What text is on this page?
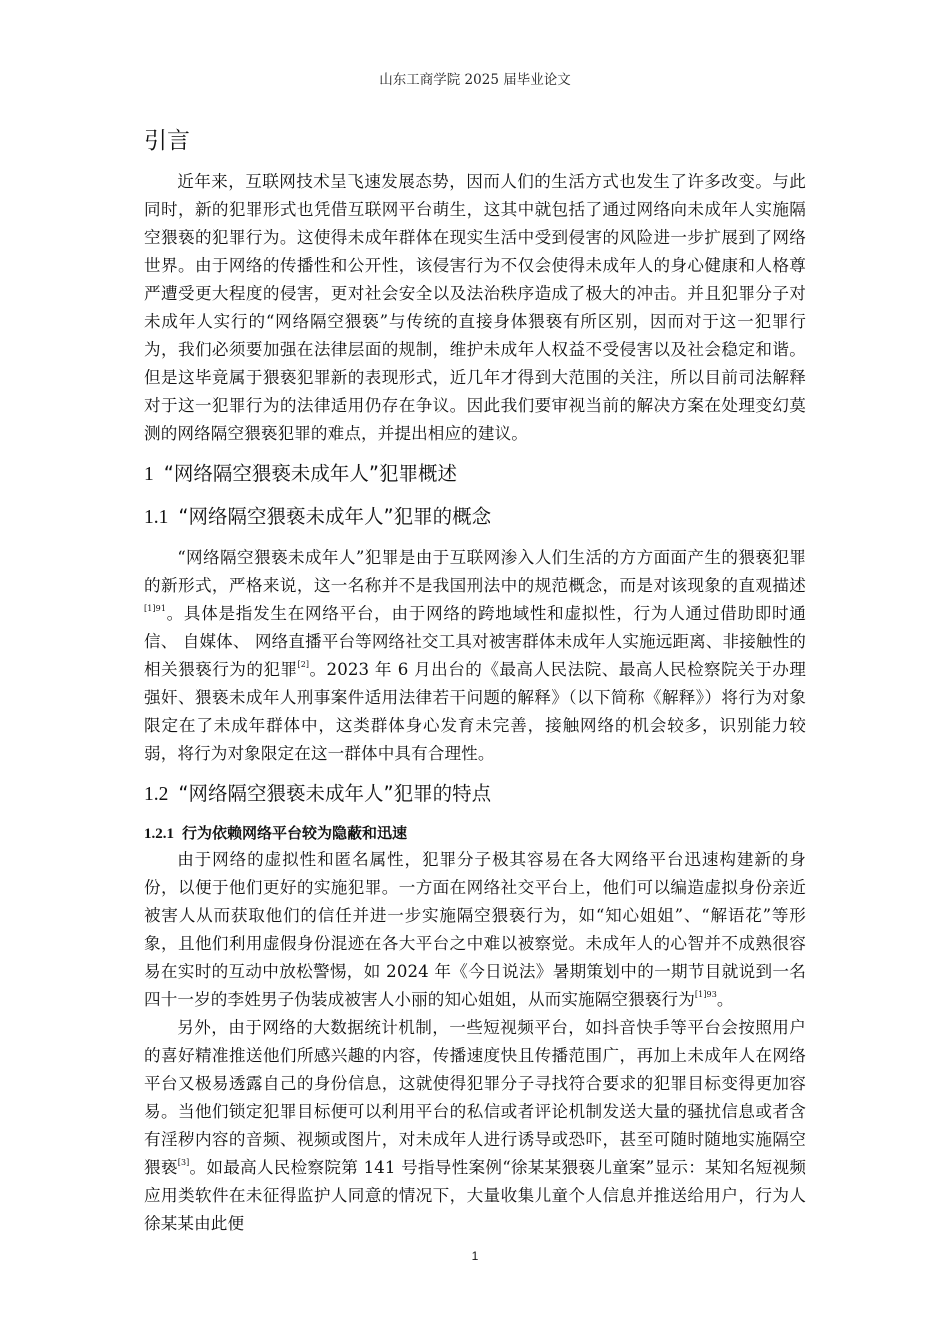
山东工商学院 2025 届毕业论文
引言

近年来，互联网技术呈飞速发展态势，因而人们的生活方式也发生了许多改变。与此同时，新的犯罪形式也凭借互联网平台萌生，这其中就包括了通过网络向未成年人实施隔空猥亵的犯罪行为。这使得未成年群体在现实生活中受到侵害的风险进一步扩展到了网络世界。由于网络的传播性和公开性，该侵害行为不仅会使得未成年人的身心健康和人格尊严遭受更大程度的侵害，更对社会安全以及法治秩序造成了极大的冲击。并且犯罪分子对未成年人实行的“网络隔空猥亵”与传统的直接身体猥亵有所区别，因而对于这一犯罪行为，我们必须要加强在法律层面的规制，维护未成年人权益不受侵害以及社会稳定和谐。但是这毕竟属于猥亵犯罪新的表现形式，近几年才得到大范围的关注，所以目前司法解释对于这一犯罪行为的法律适用仍存在争议。因此我们要审视当前的解决方案在处理变幻莫测的网络隔空猥亵犯罪的难点，并提出相应的建议。

1 “网络隔空猥亵未成年人”犯罪概述
1.1 “网络隔空猥亵未成年人”犯罪的概念

“网络隔空猥亵未成年人”犯罪是由于互联网渗入人们生活的方方面面产生的猥亵犯罪的新形式，严格来说，这一名称并不是我国刑法中的规范概念，而是对该现象的直观描述$^{[1]91}$。具体是指发生在网络平台，由于网络的跨地域性和虚拟性，行为人通过借助即时通信、 自媒体、 网络直播平台等网络社交工具对被害群体未成年人实施远距离、非接触性的相关猥亵行为的犯罪[2]。2023 年 6 月出台的《最高人民法院、最高人民检察院关于办理强奸、猥亵未成年人刑事案件适用法律若干问题的解释》（以下简称《解释》）将行为对象限定在了未成年群体中，这类群体身心发育未完善，接触网络的机会较多，识别能力较弱，将行为对象限定在这一群体中具有合理性。

1.2 “网络隔空猥亵未成年人”犯罪的特点
1.2.1 行为依赖网络平台较为隐蔽和迅速

由于网络的虚拟性和匿名属性，犯罪分子极其容易在各大网络平台迅速构建新的身份，以便于他们更好的实施犯罪。一方面在网络社交平台上，他们可以编造虚拟身份亲近被害人从而获取他们的信任并进一步实施隔空猥亵行为，如“知心姐姐”、“解语花”等形象，且他们利用虚假身份混迹在各大平台之中难以被察觉。未成年人的心智并不成熟很容易在实时的互动中放松警惕，如 2024 年《今日说法》暑期策划中的一期节目就说到一名四十一岁的李姓男子伪装成被害人小丽的知心姐姐，从而实施隔空猥亵行为$^{[1]93}$。

另外，由于网络的大数据统计机制，一些短视频平台，如抖音快手等平台会按照用户的喜好精准推送他们所感兴趣的内容，传播速度快且传播范围广，再加上未成年人在网络平台又极易透露自己的身份信息，这就使得犯罪分子寻找符合要求的犯罪目标变得更加容易。当他们锁定犯罪目标便可以利用平台的私信或者评论机制发送大量的骚扰信息或者含有淫秽内容的音频、视频或图片，对未成年人进行诱导或恐吓，甚至可随时随地实施隔空猥亵[3]。如最高人民检察院第 141 号指导性案例“徐某某猥亵儿童案”显示：某知名短视频应用类软件在未征得监护人同意的情况下，大量收集儿童个人信息并推送给用户，行为人徐某某由此便

1
